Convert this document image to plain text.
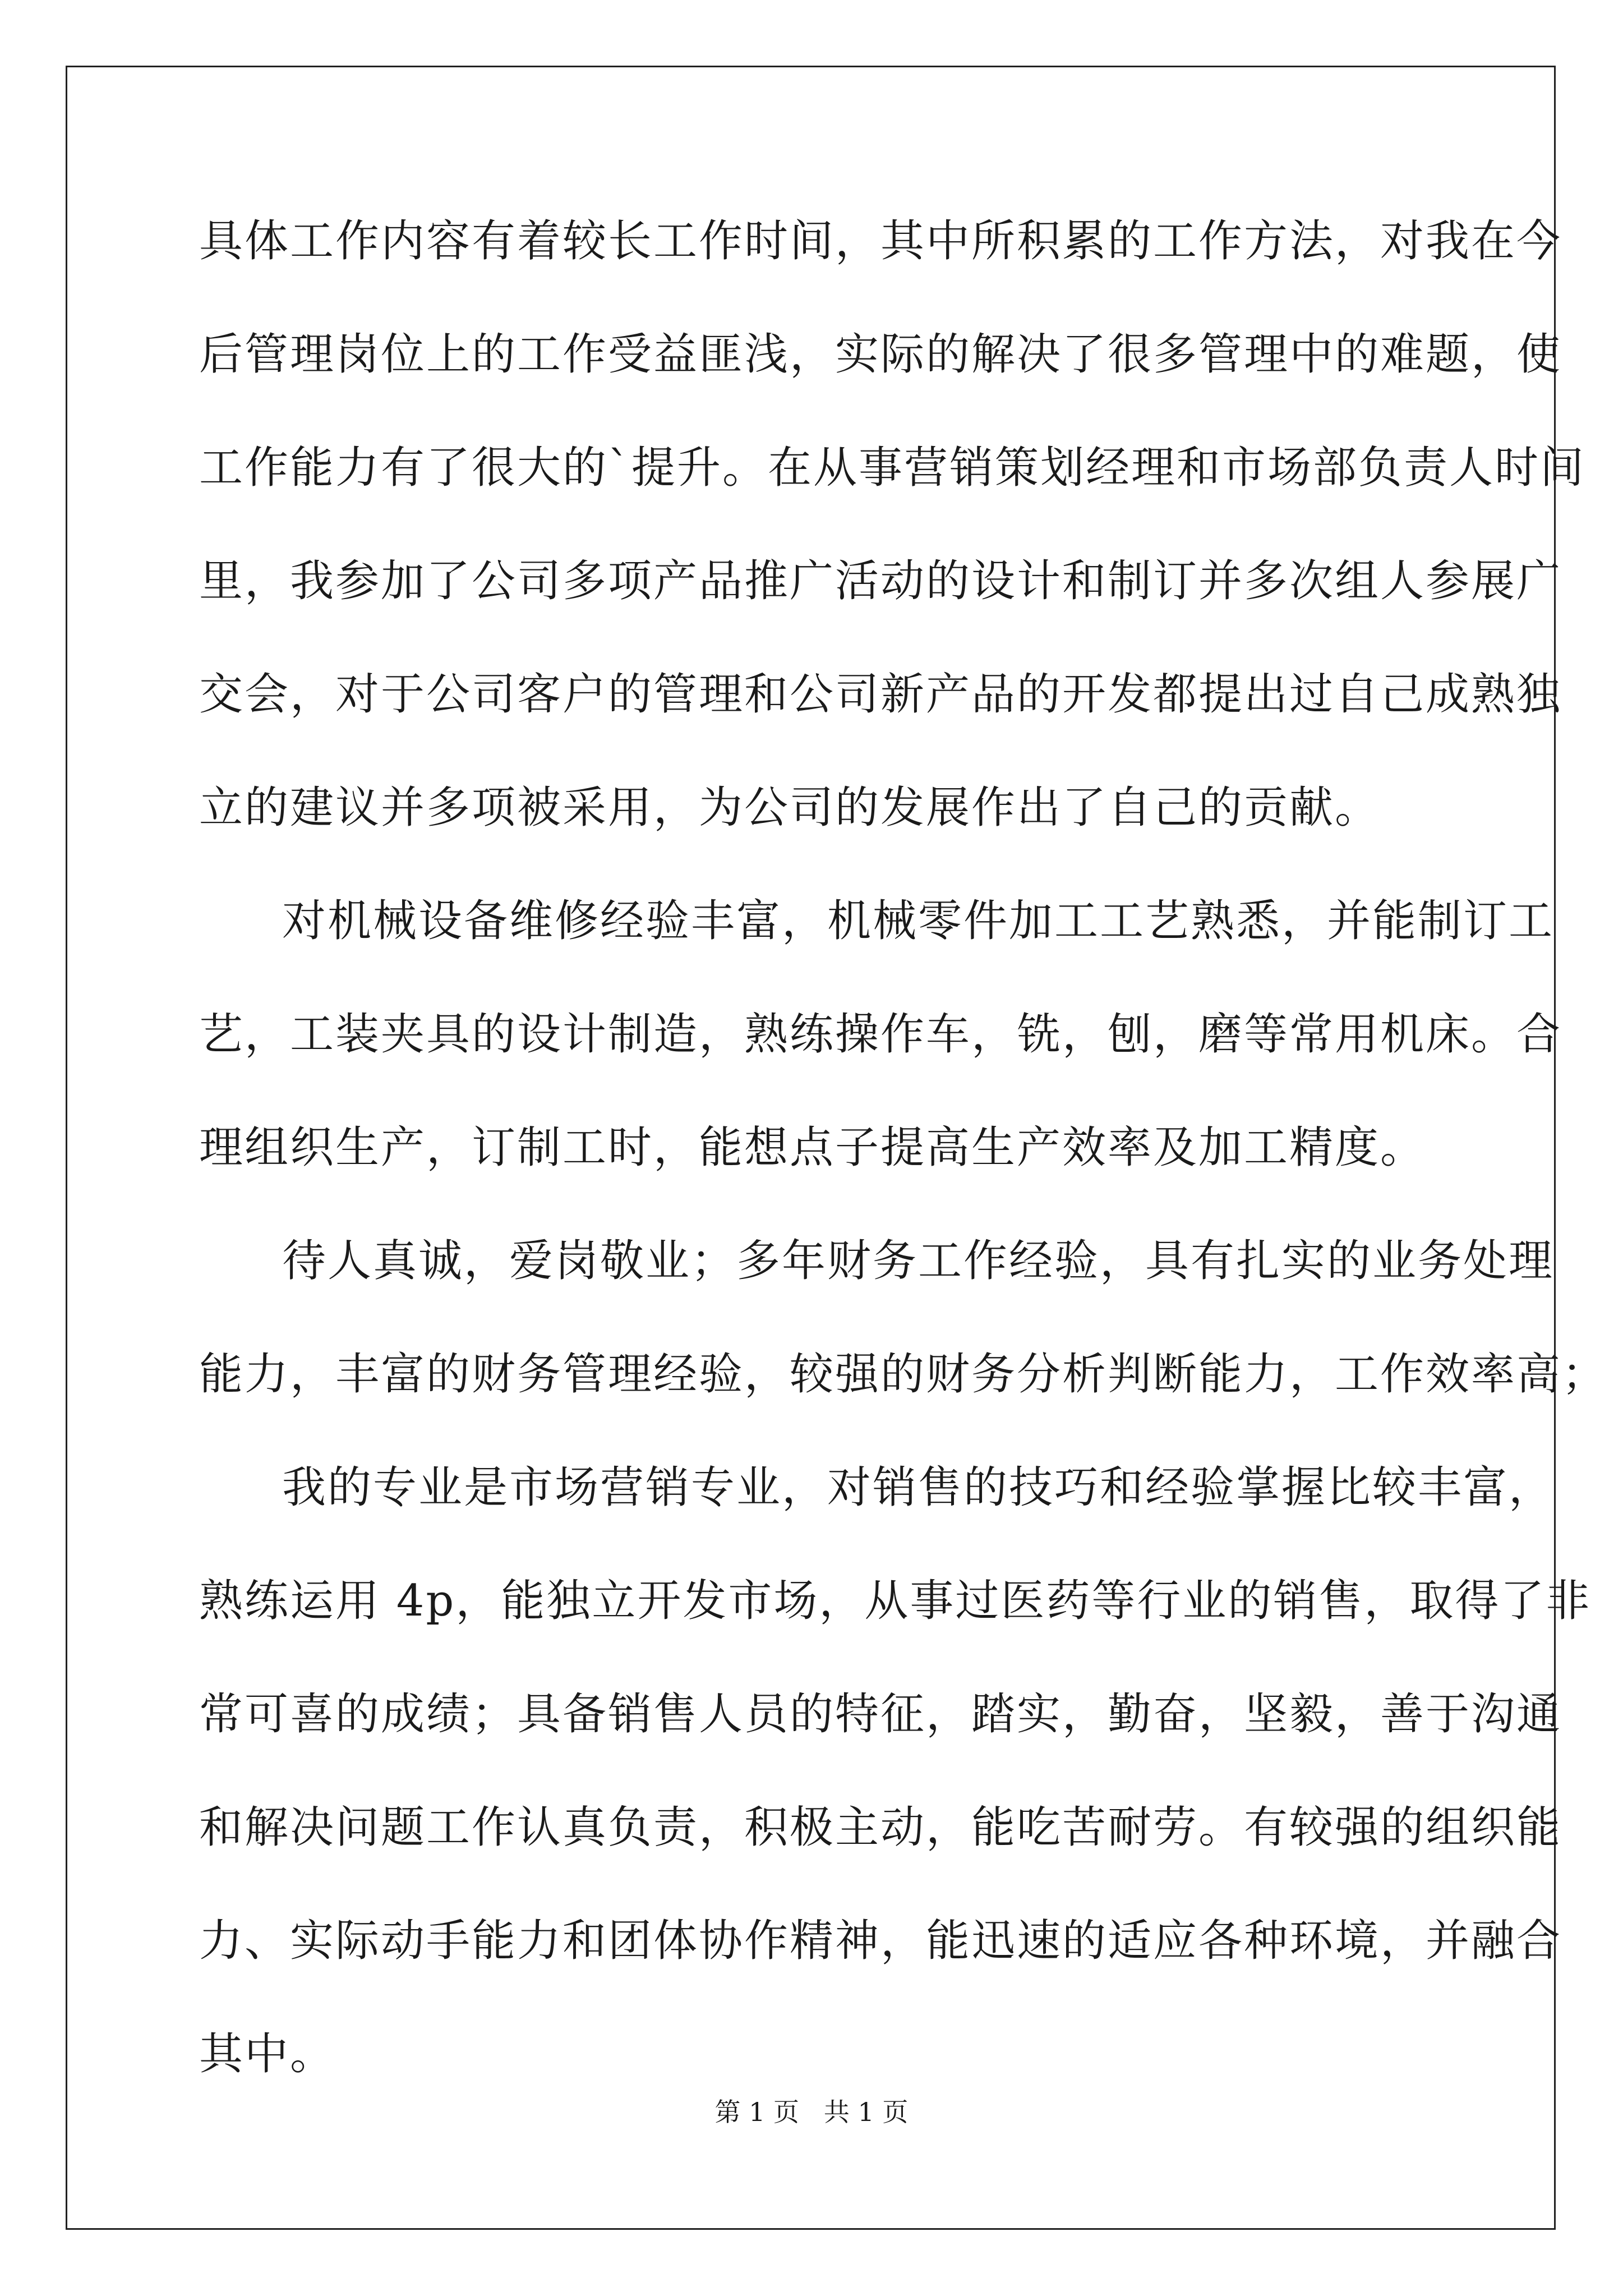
具体工作内容有着较长工作时间，其中所积累的工作方法，对我在今
后管理岗位上的工作受益匪浅，实际的解决了很多管理中的难题，使
工作能力有了很大的`提升。在从事营销策划经理和市场部负责人时间
里，我参加了公司多项产品推广活动的设计和制订并多次组人参展广
交会，对于公司客户的管理和公司新产品的开发都提出过自己成熟独
立的建议并多项被采用，为公司的发展作出了自己的贡献。
对机械设备维修经验丰富，机械零件加工工艺熟悉，并能制订工
艺，工装夹具的设计制造，熟练操作车，铣，刨，磨等常用机床。合
理组织生产，订制工时，能想点子提高生产效率及加工精度。
待人真诚，爱岗敬业；多年财务工作经验，具有扎实的业务处理
能力，丰富的财务管理经验，较强的财务分析判断能力，工作效率高；
我的专业是市场营销专业，对销售的技巧和经验掌握比较丰富，
熟练运用 4p，能独立开发市场，从事过医药等行业的销售，取得了非
常可喜的成绩；具备销售人员的特征，踏实，勤奋，坚毅，善于沟通
和解决问题工作认真负责，积极主动，能吃苦耐劳。有较强的组织能
力、实际动手能力和团体协作精神，能迅速的适应各种环境，并融合
其中。
第 1 页   共 1 页
